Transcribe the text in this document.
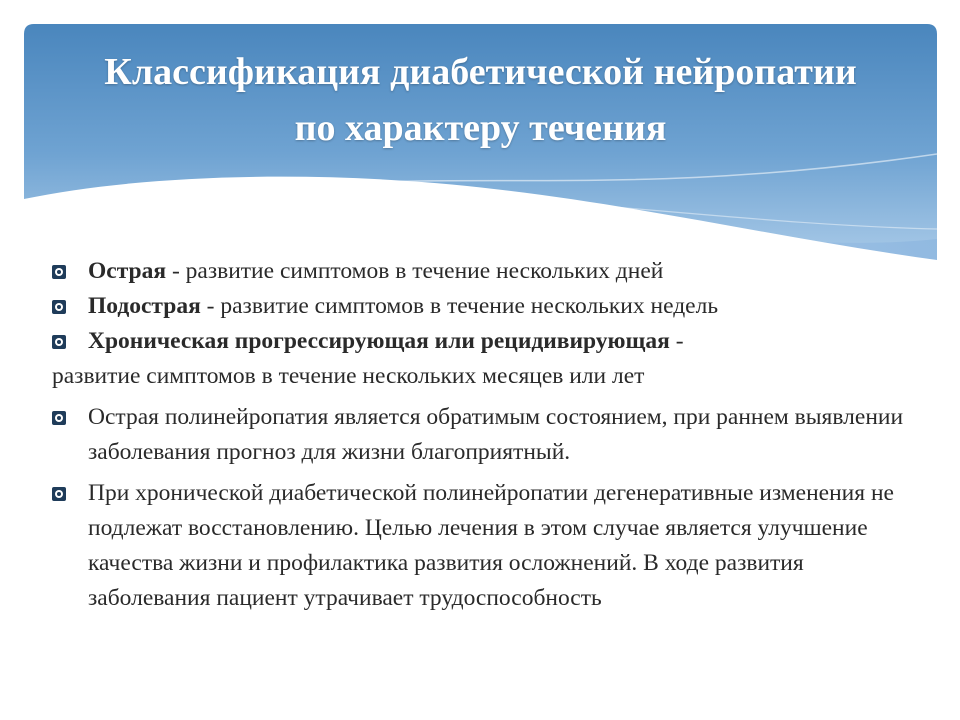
Классификация диабетической нейропатии
по характеру течения
Острая - развитие симптомов в течение нескольких дней
Подострая - развитие симптомов в течение нескольких недель
Хроническая прогрессирующая или рецидивирующая -
развитие симптомов в течение нескольких месяцев или лет
Острая полинейропатия является обратимым состоянием, при раннем выявлении заболевания прогноз для жизни благоприятный.
При хронической диабетической полинейропатии дегенеративные изменения не подлежат восстановлению. Целью лечения в этом случае является улучшение качества жизни и профилактика развития осложнений. В ходе развития заболевания пациент утрачивает трудоспособность
